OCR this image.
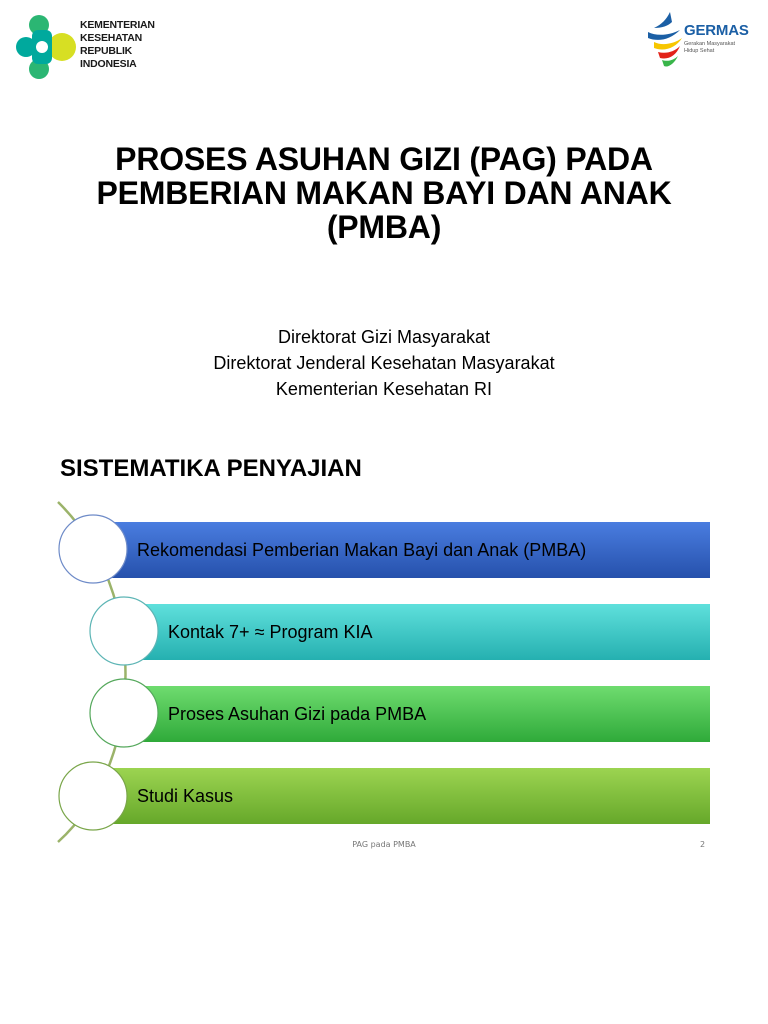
KEMENTERIAN
KESEHATAN
REPUBLIK
INDONESIA
GERMAS
Gerakan Masyarakat
Hidup Sehat
PROSES ASUHAN GIZI (PAG) PADA
PEMBERIAN MAKAN BAYI DAN ANAK
(PMBA)
Direktorat Gizi Masyarakat
Direktorat Jenderal Kesehatan Masyarakat
Kementerian Kesehatan RI
SISTEMATIKA PENYAJIAN
Rekomendasi Pemberian Makan Bayi dan Anak (PMBA)
Kontak 7+ ≈ Program KIA
Proses Asuhan Gizi pada PMBA
Studi Kasus
PAG pada PMBA	2
